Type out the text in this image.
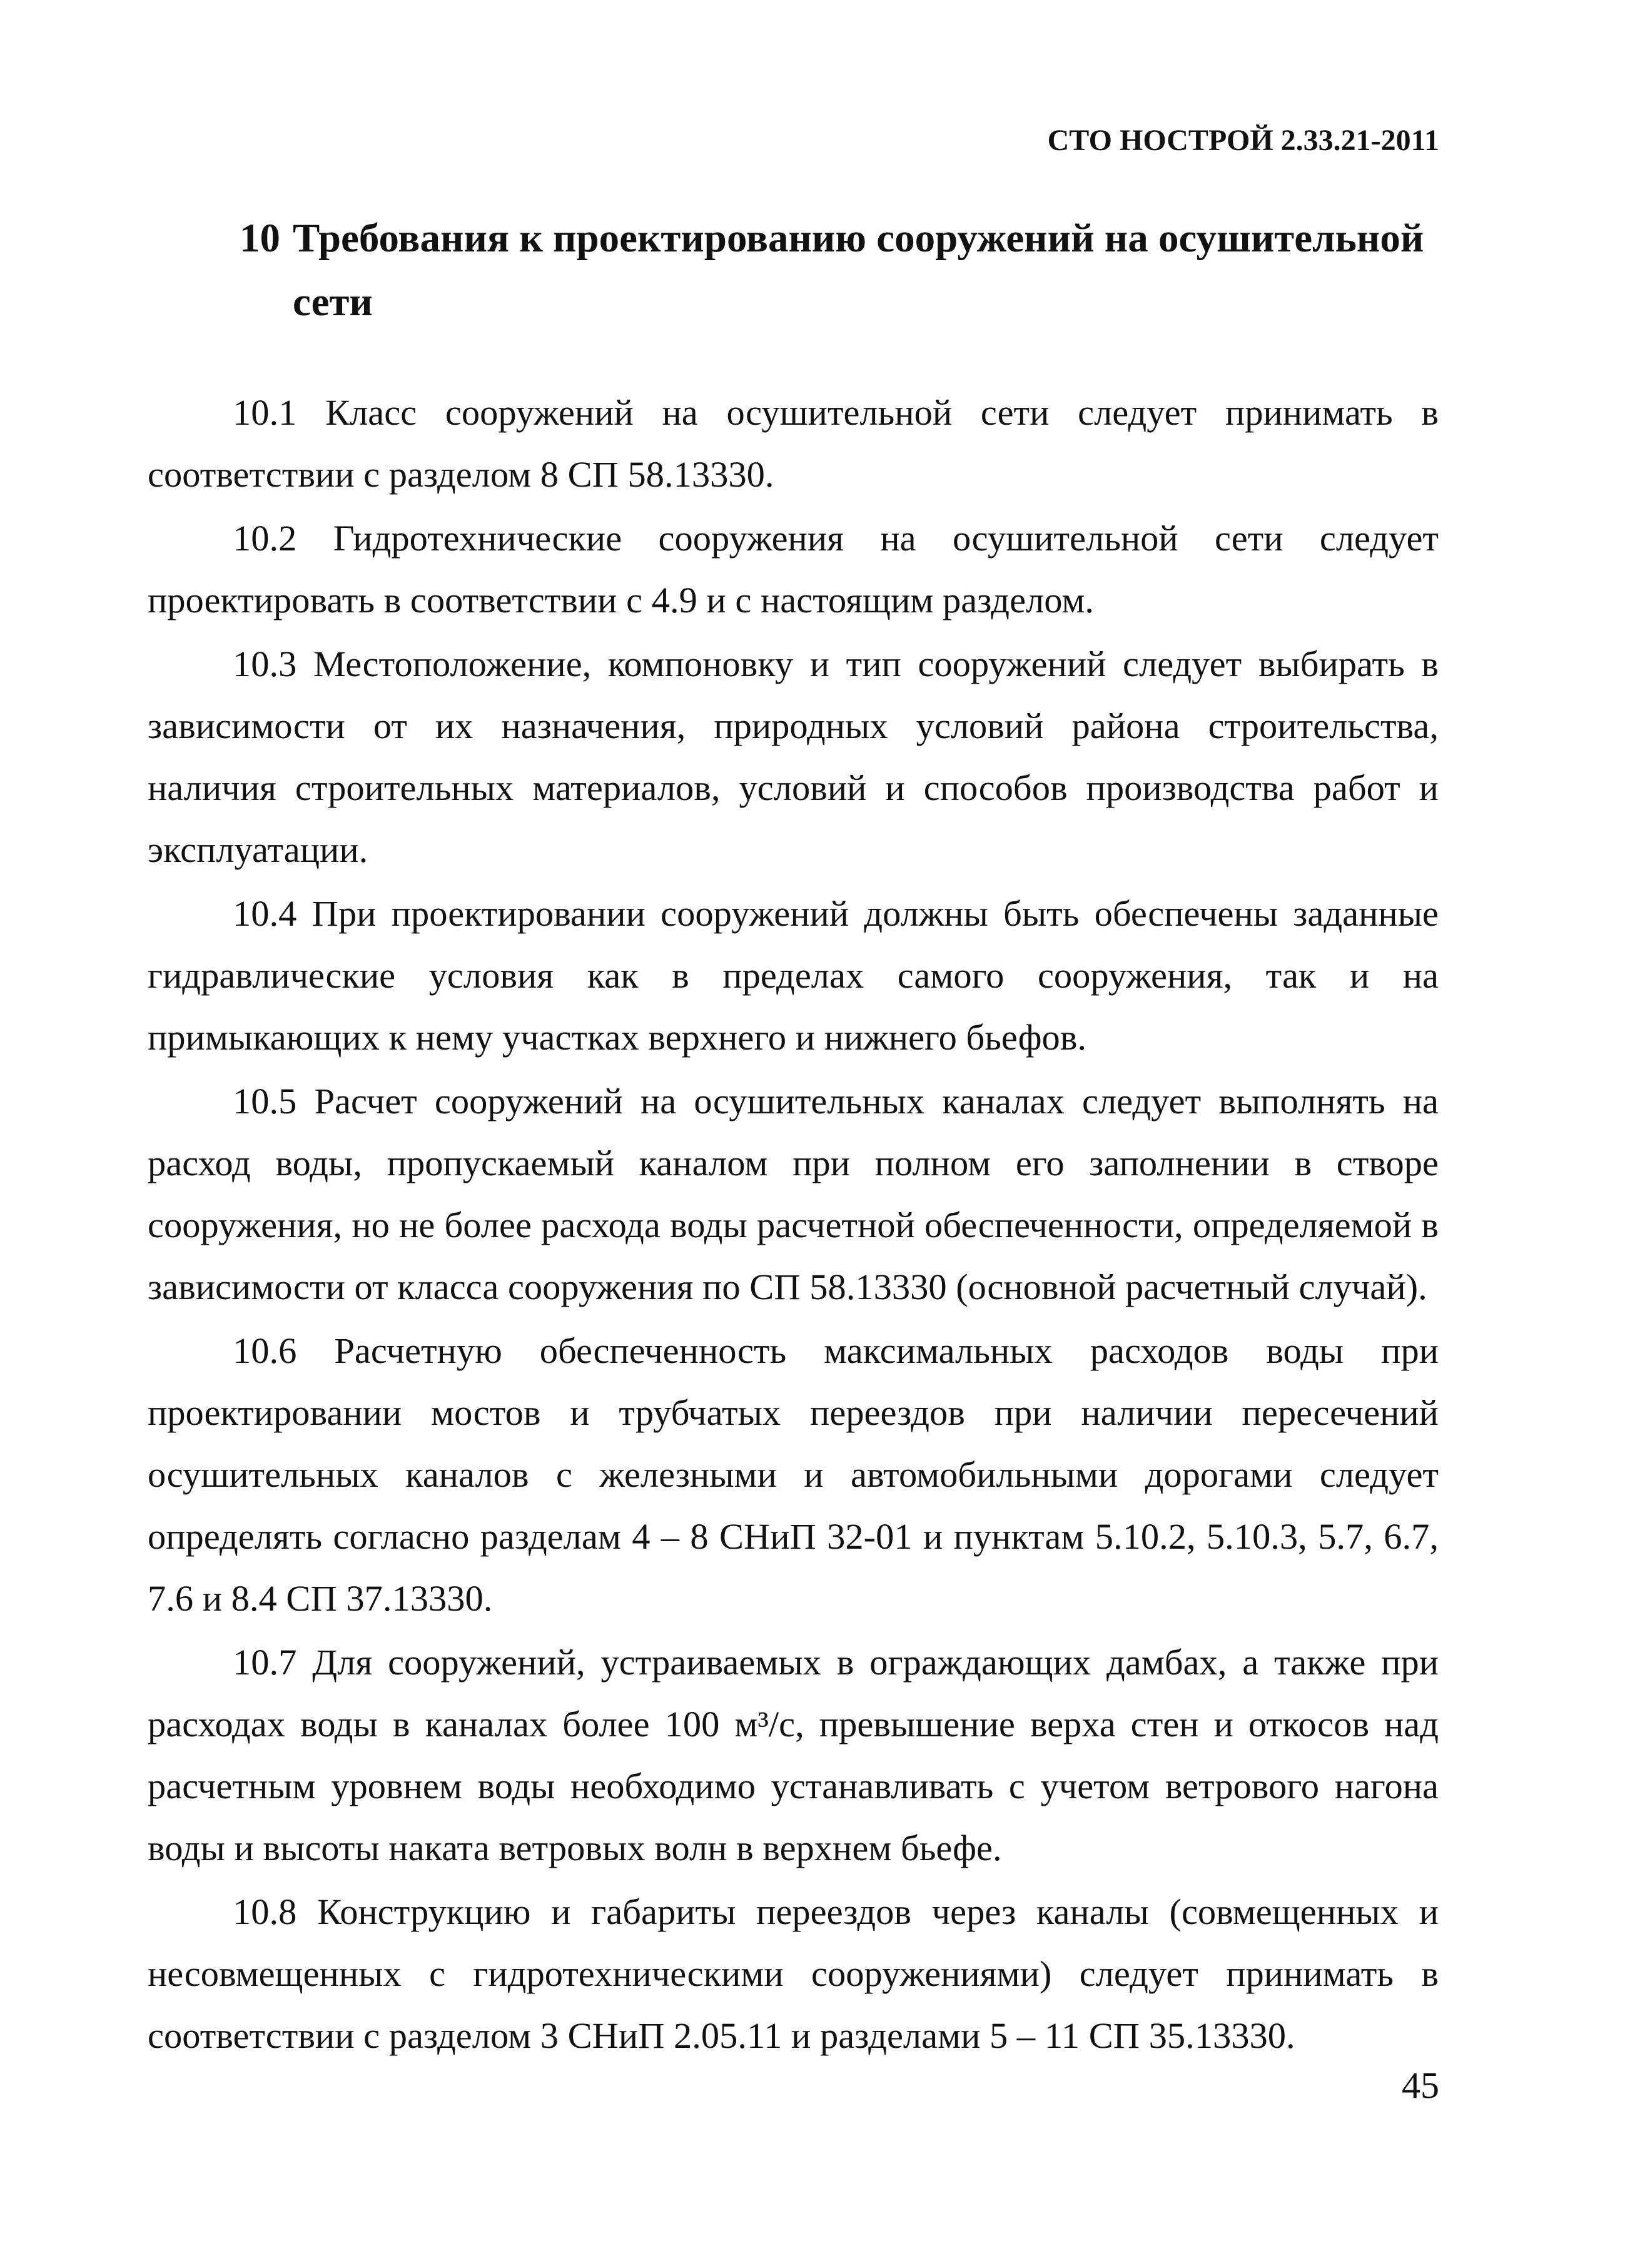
СТО НОСТРОЙ 2.33.21-2011
10 Требования к проектированию сооружений на осушительной сети

10.1 Класс сооружений на осушительной сети следует принимать в соответствии с разделом 8 СП 58.13330.

10.2 Гидротехнические сооружения на осушительной сети следует проектировать в соответствии с 4.9 и с настоящим разделом.

10.3 Местоположение, компоновку и тип сооружений следует выбирать в зависимости от их назначения, природных условий района строительства, наличия строительных материалов, условий и способов производства работ и эксплуатации.

10.4 При проектировании сооружений должны быть обеспечены заданные гидравлические условия как в пределах самого сооружения, так и на примыкающих к нему участках верхнего и нижнего бьефов.

10.5 Расчет сооружений на осушительных каналах следует выполнять на расход воды, пропускаемый каналом при полном его заполнении в створе сооружения, но не более расхода воды расчетной обеспеченности, определяемой в зависимости от класса сооружения по СП 58.13330 (основной расчетный случай).

10.6 Расчетную обеспеченность максимальных расходов воды при проектировании мостов и трубчатых переездов при наличии пересечений осушительных каналов с железными и автомобильными дорогами следует определять согласно разделам 4 – 8 СНиП 32-01 и пунктам 5.10.2, 5.10.3, 5.7, 6.7, 7.6 и 8.4 СП 37.13330.

10.7 Для сооружений, устраиваемых в ограждающих дамбах, а также при расходах воды в каналах более 100 м³/с, превышение верха стен и откосов над расчетным уровнем воды необходимо устанавливать с учетом ветрового нагона воды и высоты наката ветровых волн в верхнем бьефе.

10.8 Конструкцию и габариты переездов через каналы (совмещенных и несовмещенных с гидротехническими сооружениями) следует принимать в соответствии с разделом 3 СНиП 2.05.11 и разделами 5 – 11 СП 35.13330.

45
